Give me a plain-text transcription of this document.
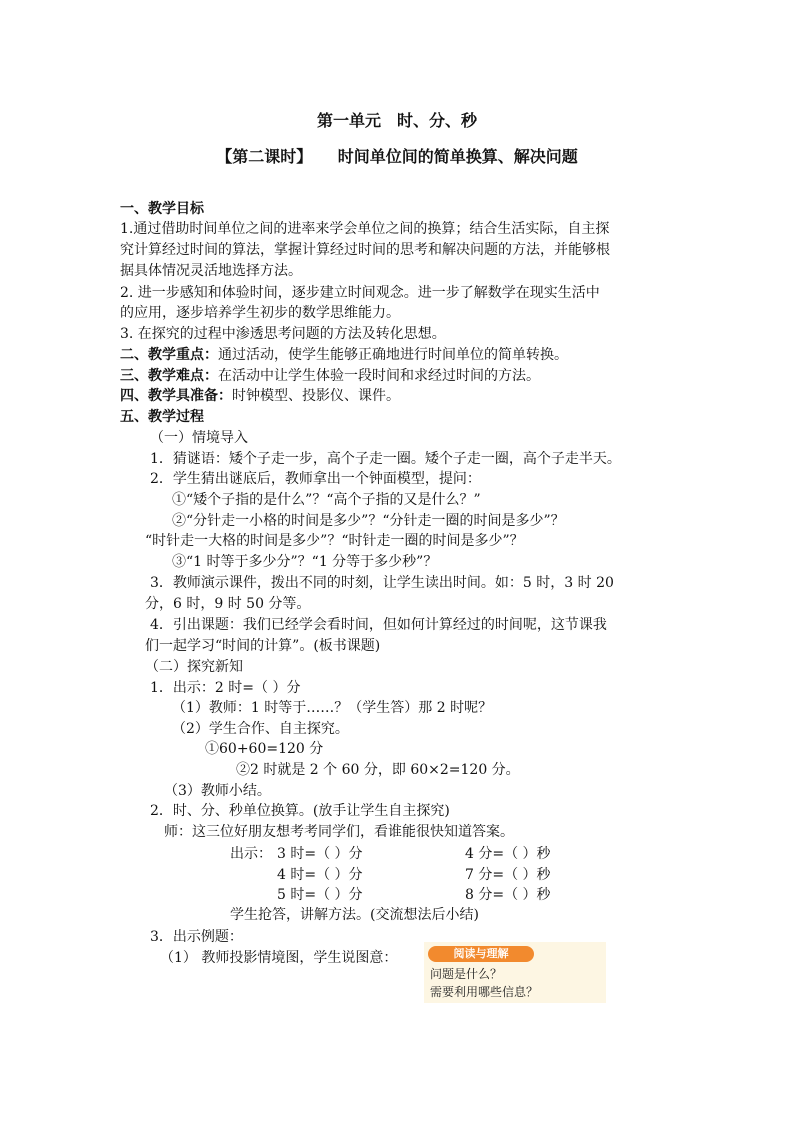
第一单元　时、分、秒
【第二课时】 时间单位间的简单换算、解决问题
一、教学目标
1.通过借助时间单位之间的进率来学会单位之间的换算；结合生活实际，自主探
究计算经过时间的算法，掌握计算经过时间的思考和解决问题的方法，并能够根
据具体情况灵活地选择方法。
2. 进一步感知和体验时间，逐步建立时间观念。进一步了解数学在现实生活中
的应用，逐步培养学生初步的数学思维能力。
3. 在探究的过程中渗透思考问题的方法及转化思想。
二、教学重点：通过活动，使学生能够正确地进行时间单位的简单转换。
三、教学难点：在活动中让学生体验一段时间和求经过时间的方法。
四、教学具准备：时钟模型、投影仪、课件。
五、教学过程
（一）情境导入
1．猜谜语：矮个子走一步，高个子走一圈。矮个子走一圈，高个子走半天。
2．学生猜出谜底后，教师拿出一个钟面模型，提问：
①“矮个子指的是什么”？“高个子指的又是什么？”
②“分针走一小格的时间是多少”？“分针走一圈的时间是多少”？
“时针走一大格的时间是多少”？“时针走一圈的时间是多少”？
③“1 时等于多少分”？“1 分等于多少秒”？
3．教师演示课件，拨出不同的时刻，让学生读出时间。如：5 时，3 时 20
分，6 时，9 时 50 分等。
4．引出课题：我们已经学会看时间，但如何计算经过的时间呢，这节课我
们一起学习“时间的计算”。(板书课题)
（二）探究新知
1．出示：2 时=（ ）分
（1）教师：1 时等于……？（学生答）那 2 时呢？
（2）学生合作、自主探究。
①60+60=120 分
②2 时就是 2 个 60 分，即 60×2=120 分。
（3）教师小结。
2．时、分、秒单位换算。(放手让学生自主探究)
师：这三位好朋友想考考同学们，看谁能很快知道答案。
出示： 3 时=（ ）分	4 分=（ ）秒
4 时=（ ）分	7 分=（ ）秒
5 时=（ ）分	8 分=（ ）秒
学生抢答，讲解方法。(交流想法后小结)
3．出示例题：
（1） 教师投影情境图，学生说图意：	阅读与理解
问题是什么？
需要利用哪些信息？
